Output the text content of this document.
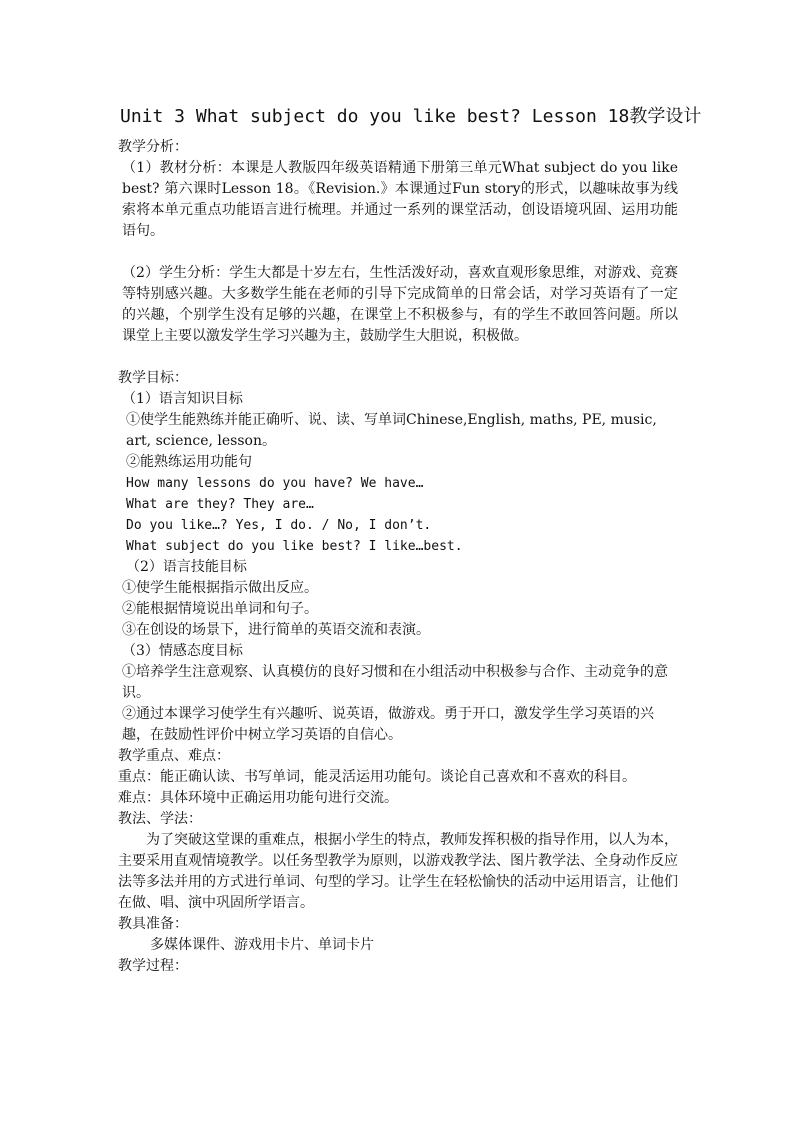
Unit 3 What subject do you like best? Lesson 18教学设计
教学分析：
（1）教材分析：本课是人教版四年级英语精通下册第三单元What subject do you like best? 第六课时Lesson 18。《Revision.》本课通过Fun story的形式，以趣味故事为线索将本单元重点功能语言进行梳理。并通过一系列的课堂活动，创设语境巩固、运用功能语句。
（2）学生分析：学生大都是十岁左右，生性活泼好动，喜欢直观形象思维，对游戏、竞赛等特别感兴趣。大多数学生能在老师的引导下完成简单的日常会话，对学习英语有了一定的兴趣，个别学生没有足够的兴趣，在课堂上不积极参与，有的学生不敢回答问题。所以课堂上主要以激发学生学习兴趣为主，鼓励学生大胆说，积极做。
教学目标：
（1）语言知识目标
①使学生能熟练并能正确听、说、读、写单词Chinese,English, maths, PE, music, art, science, lesson。
②能熟练运用功能句
How many lessons do you have? We have…
What are they? They are…
Do you like…? Yes, I do. / No, I don’t.
What subject do you like best? I like…best.
（2）语言技能目标
①使学生能根据指示做出反应。
②能根据情境说出单词和句子。
③在创设的场景下，进行简单的英语交流和表演。
（3）情感态度目标
①培养学生注意观察、认真模仿的良好习惯和在小组活动中积极参与合作、主动竞争的意识。
②通过本课学习使学生有兴趣听、说英语，做游戏。勇于开口，激发学生学习英语的兴趣，在鼓励性评价中树立学习英语的自信心。
教学重点、难点：
重点：能正确认读、书写单词，能灵活运用功能句。谈论自己喜欢和不喜欢的科目。
难点：具体环境中正确运用功能句进行交流。
教法、学法：
为了突破这堂课的重难点，根据小学生的特点，教师发挥积极的指导作用，以人为本，主要采用直观情境教学。以任务型教学为原则，以游戏教学法、图片教学法、全身动作反应法等多法并用的方式进行单词、句型的学习。让学生在轻松愉快的活动中运用语言，让他们在做、唱、演中巩固所学语言。
教具准备：
多媒体课件、游戏用卡片、单词卡片
教学过程：
